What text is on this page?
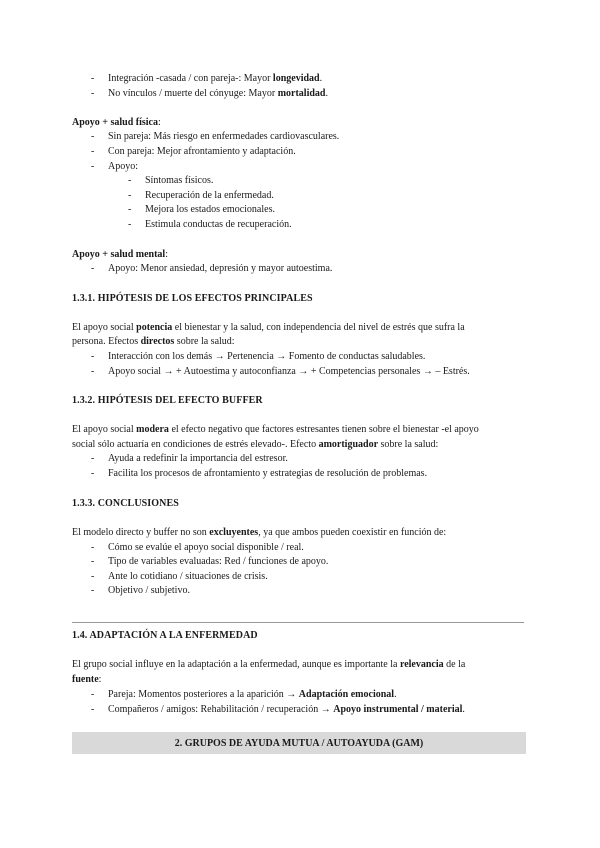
- Integración -casada / con pareja-: Mayor longevidad.
- No vínculos / muerte del cónyuge: Mayor mortalidad.
Apoyo + salud física:
- Sin pareja: Más riesgo en enfermedades cardiovasculares.
- Con pareja: Mejor afrontamiento y adaptación.
- Apoyo:
- Síntomas físicos.
- Recuperación de la enfermedad.
- Mejora los estados emocionales.
- Estimula conductas de recuperación.
Apoyo + salud mental:
- Apoyo: Menor ansiedad, depresión y mayor autoestima.
1.3.1. HIPÓTESIS DE LOS EFECTOS PRINCIPALES
El apoyo social potencia el bienestar y la salud, con independencia del nivel de estrés que sufra la
persona. Efectos directos sobre la salud:
- Interacción con los demás → Pertenencia → Fomento de conductas saludables.
- Apoyo social → + Autoestima y autoconfianza → + Competencias personales → – Estrés.
1.3.2. HIPÓTESIS DEL EFECTO BUFFER
El apoyo social modera el efecto negativo que factores estresantes tienen sobre el bienestar -el apoyo
social sólo actuaría en condiciones de estrés elevado-. Efecto amortiguador sobre la salud:
- Ayuda a redefinir la importancia del estresor.
- Facilita los procesos de afrontamiento y estrategias de resolución de problemas.
1.3.3. CONCLUSIONES
El modelo directo y buffer no son excluyentes, ya que ambos pueden coexistir en función de:
- Cómo se evalúe el apoyo social disponible / real.
- Tipo de variables evaluadas: Red / funciones de apoyo.
- Ante lo cotidiano / situaciones de crisis.
- Objetivo / subjetivo.
1.4. ADAPTACIÓN A LA ENFERMEDAD
El grupo social influye en la adaptación a la enfermedad, aunque es importante la relevancia de la
fuente:
- Pareja: Momentos posteriores a la aparición → Adaptación emocional.
- Compañeros / amigos: Rehabilitación / recuperación → Apoyo instrumental / material.
2. GRUPOS DE AYUDA MUTUA / AUTOAYUDA (GAM)
